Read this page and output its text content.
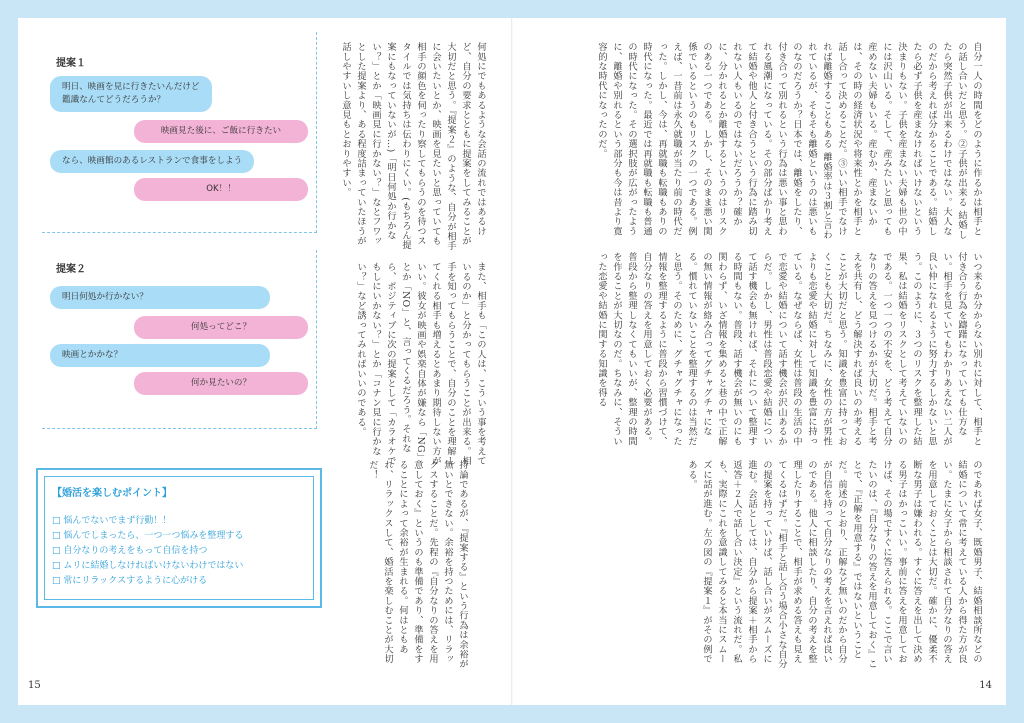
提案１
明日、映画を見に行きたいんだけど
鑑識なんてどうだろうか？
映画見た後に、ご飯に行きたい
なら、映画館のあるレストランで食事をしよう
OK！！
提案２
明日何処か行かない？
何処ってどこ？
映画とかかな？
何か見たいの？
何処にでもあるような会話の流れではあるけど、自分の要求とともに提案をしてみることが大切だと思う。『提案２』のような、自分が相手に会いたいとか、映画を見たいと思っていても相手の顔色を伺ったり察してもらうのを待つスタイルでは気持ちは伝わりにくい。(もちろん提案にもなっていないが…)「明日何処か行かない？」とか「映画見に行かない？」なとフワッとした提案より、ある程度詰まっていたほうが話しやすいし意見もとおりやすい。
また、相手も「この人は、こういう事を考えているのか」と分かってもらうことが出来る。相手を知ってもらうことで、自分のことを理解してくれる相手も増えるとあまり期待しない方がいい。彼女が映画や娯楽自体が嫌なら「NG」とか「NO」と、言ってくるだろう。それなら、ポジティブに次の提案として「カラオケでもしにいかない？」とか「コナン見に行かない？」など誘ってみればいいのである。
持論であるが、『提案する』という行為は余裕が無いとできない。余裕を持つためには、リラックスすることだ。先程の『自分なりの答えを用意しておく』というのも準備であり、準備をすることによって余裕が生まれる。何はともあれ、リラックスして、婚活を楽しむことが大切だ！
【婚活を楽しむポイント】
□ 悩んでないでまず行動！！
□ 悩んでしまったら、一つ一つ悩みを整理する
□ 自分なりの考えをもって自信を持つ
□ ムリに結婚しなければいけないわけではない
□ 常にリラックスするように心がける
自分一人の時間をどのように作るかは相手との話し合いだと思う。②子供が出来る 結婚したら突然子供が出来るわけではない。大人なのだから考えれば分かることである。結婚したら必ず子供を産まなければいけないという決まりもない。子供を産まない夫婦も世の中には沢山いる。そして、産みたいと思っても産めない夫婦もいる。産むか、産まないかは、その時の経済状況や将来性とかを相手と話し合って決めることだ。③いい相手でなければ離婚することもある 離婚率は３割と言われているが、そもそも離婚というのは悪いものなのだろうか？日本では、離婚をしたり、付き合って別れるという行為は悪い事と思われる風潮になっている。その部分ばかり考えて結婚や他人と付き合うという行為に踏み切れない人もいるのではないだろうか？確かに、分かれるとか離婚するというのはリスクのある一つである。しかし、そのまま悪い関係でいるというのもリスクの一つである。例えば、一昔前は永久就職が当たり前の時代だった。しかし、今は、再就職も転職もありの時代になった。最近では再就職も転職も普通の時代になった。その選択肢が広がったように、離婚や別れるという部分も今は昔より寛容的な時代になったのだ。
いつ来るか分からない別れに対して、相手と付き合う行為を躊躇になっていても仕方ない。相手を見ていてもわかりあえない二人が良い仲になれるように努力するしかないと思う。このように、３つのリスクを整理した結果、私は結婚をリスクとして考えていないのである。一つ一つの不安を、どう考えて自分なりの答えを見つけるかが大切だ。相手と考えを共有し、どう解決すれば良いのか考えることが大切だと思う。知識を豊富に持っておくことも大切だ。ちなみに、女性の方が男性よりも恋愛や結婚に対して知識を豊富に持っている。なぜならば、女性は普段の生活の中で恋愛や結婚について話す機会が沢山あるからだ。しかし、男性は普段恋愛や結婚について話す機会も無ければ、それについて整理する時間もない。普段、話す機会が無いのにも関わらず、いざ情報を集めると巷の中で正解の無い情報が絡み合ってグチャグチャになる。慣れていないことを整理するのは当然だと思う。そのために、グチャグチャになった情報を整理するように普段から習慣づけて、自分なりの答えを用意しておく必要がある。普段から整理しなくてもいいが、整理の時間を作ることが大切なのだ。ちなみに、そういった恋愛や結婚に関する知識を得る
のであれば女子、既婚男子、結婚相談所などの結婚について常に考えている人から得た方が良い。たまに女子から相談されて自分なりの答えを用意しておくことは大切だ。確かに、優柔不断な男子は嫌われる。すぐに答えを出して決める男子はかっこいい。事前に答えを用意しておけば、その場ですぐに答えられる。ここで言いたいのは、『自分なりの答えを用意しておく』ことで、『正解を用意する』ではないということだ。前述のとおり、正解など無いのだから自分が自信を持って自分なりの考えを言えれば良いのである。他人に相談したり、自分の考えを整理したりすることで、相手が求める答えも見えてくるはずだ。『相手と話し合う場合小さな自分の提案を持っていけば、話し合いがスムーズに進む。会話としては、自分から提案＋相手から返答＋２人で話し合い決定』という流れだ。私も、実際にこれを意識してみると本当にスムーズに話が進む。左の図の『提案１』がその例である。
15	14
